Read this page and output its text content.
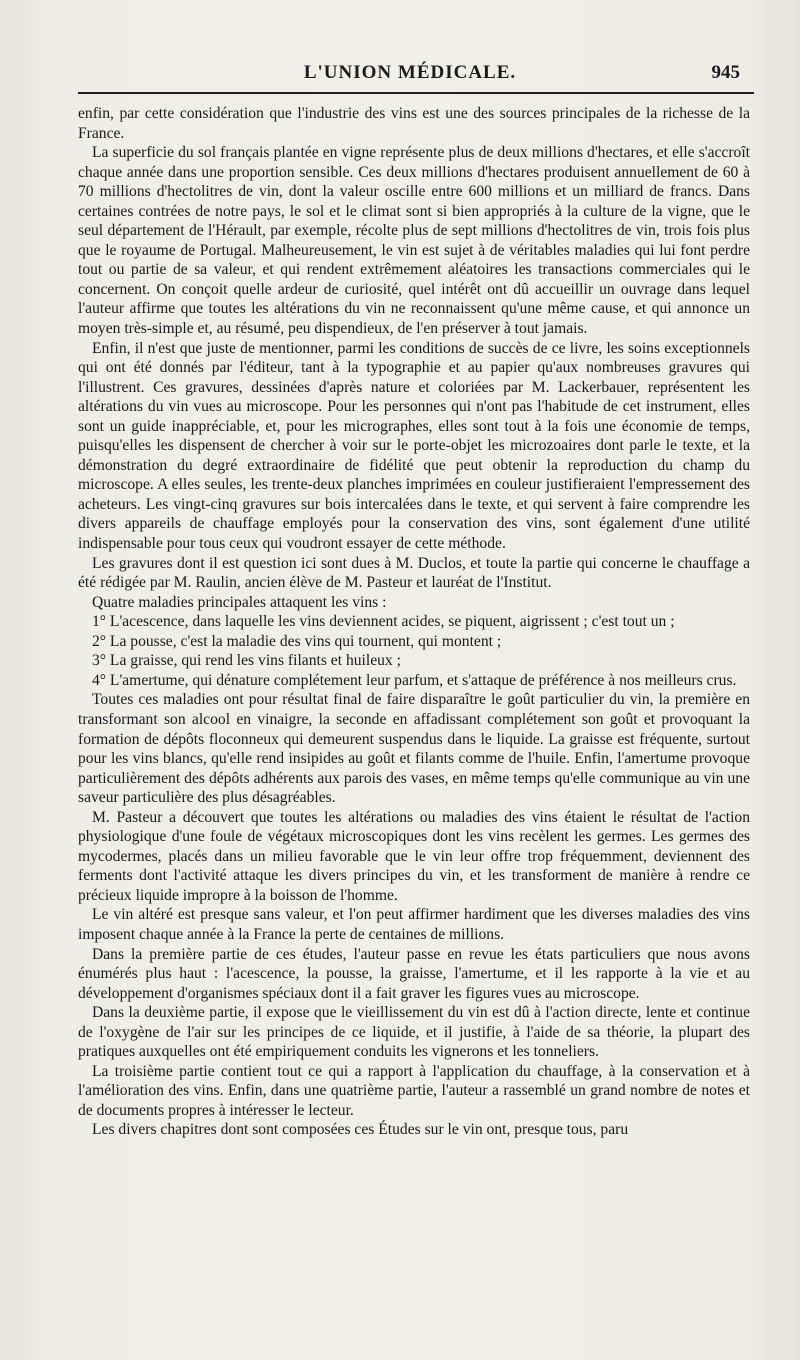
L'UNION MÉDICALE.	945

enfin, par cette considération que l'industrie des vins est une des sources principales de la richesse de la France.

La superficie du sol français plantée en vigne représente plus de deux millions d'hectares, et elle s'accroît chaque année dans une proportion sensible. Ces deux millions d'hectares produisent annuellement de 60 à 70 millions d'hectolitres de vin, dont la valeur oscille entre 600 millions et un milliard de francs. Dans certaines contrées de notre pays, le sol et le climat sont si bien appropriés à la culture de la vigne, que le seul département de l'Hérault, par exemple, récolte plus de sept millions d'hectolitres de vin, trois fois plus que le royaume de Portugal. Malheureusement, le vin est sujet à de véritables maladies qui lui font perdre tout ou partie de sa valeur, et qui rendent extrêmement aléatoires les transactions commerciales qui le concernent. On conçoit quelle ardeur de curiosité, quel intérêt ont dû accueillir un ouvrage dans lequel l'auteur affirme que toutes les altérations du vin ne reconnaissent qu'une même cause, et qui annonce un moyen très-simple et, au résumé, peu dispendieux, de l'en préserver à tout jamais.

Enfin, il n'est que juste de mentionner, parmi les conditions de succès de ce livre, les soins exceptionnels qui ont été donnés par l'éditeur, tant à la typographie et au papier qu'aux nombreuses gravures qui l'illustrent. Ces gravures, dessinées d'après nature et coloriées par M. Lackerbauer, représentent les altérations du vin vues au microscope. Pour les personnes qui n'ont pas l'habitude de cet instrument, elles sont un guide inappréciable, et, pour les micrographes, elles sont tout à la fois une économie de temps, puisqu'elles les dispensent de chercher à voir sur le porte-objet les microzoaires dont parle le texte, et la démonstration du degré extraordinaire de fidélité que peut obtenir la reproduction du champ du microscope. A elles seules, les trente-deux planches imprimées en couleur justifieraient l'empressement des acheteurs. Les vingt-cinq gravures sur bois intercalées dans le texte, et qui servent à faire comprendre les divers appareils de chauffage employés pour la conservation des vins, sont également d'une utilité indispensable pour tous ceux qui voudront essayer de cette méthode.

Les gravures dont il est question ici sont dues à M. Duclos, et toute la partie qui concerne le chauffage a été rédigée par M. Raulin, ancien élève de M. Pasteur et lauréat de l'Institut.

Quatre maladies principales attaquent les vins :

1° L'acescence, dans laquelle les vins deviennent acides, se piquent, aigrissent ; c'est tout un ;

2° La pousse, c'est la maladie des vins qui tournent, qui montent ;

3° La graisse, qui rend les vins filants et huileux ;

4° L'amertume, qui dénature complétement leur parfum, et s'attaque de préférence à nos meilleurs crus.

Toutes ces maladies ont pour résultat final de faire disparaître le goût particulier du vin, la première en transformant son alcool en vinaigre, la seconde en affadissant complétement son goût et provoquant la formation de dépôts floconneux qui demeurent suspendus dans le liquide. La graisse est fréquente, surtout pour les vins blancs, qu'elle rend insipides au goût et filants comme de l'huile. Enfin, l'amertume provoque particulièrement des dépôts adhérents aux parois des vases, en même temps qu'elle communique au vin une saveur particulière des plus désagréables.

M. Pasteur a découvert que toutes les altérations ou maladies des vins étaient le résultat de l'action physiologique d'une foule de végétaux microscopiques dont les vins recèlent les germes. Les germes des mycodermes, placés dans un milieu favorable que le vin leur offre trop fréquemment, deviennent des ferments dont l'activité attaque les divers principes du vin, et les transforment de manière à rendre ce précieux liquide impropre à la boisson de l'homme.

Le vin altéré est presque sans valeur, et l'on peut affirmer hardiment que les diverses maladies des vins imposent chaque année à la France la perte de centaines de millions.

Dans la première partie de ces études, l'auteur passe en revue les états particuliers que nous avons énumérés plus haut : l'acescence, la pousse, la graisse, l'amertume, et il les rapporte à la vie et au développement d'organismes spéciaux dont il a fait graver les figures vues au microscope.

Dans la deuxième partie, il expose que le vieillissement du vin est dû à l'action directe, lente et continue de l'oxygène de l'air sur les principes de ce liquide, et il justifie, à l'aide de sa théorie, la plupart des pratiques auxquelles ont été empiriquement conduits les vignerons et les tonneliers.

La troisième partie contient tout ce qui a rapport à l'application du chauffage, à la conservation et à l'amélioration des vins. Enfin, dans une quatrième partie, l'auteur a rassemblé un grand nombre de notes et de documents propres à intéresser le lecteur.

Les divers chapitres dont sont composées ces Études sur le vin ont, presque tous, paru
